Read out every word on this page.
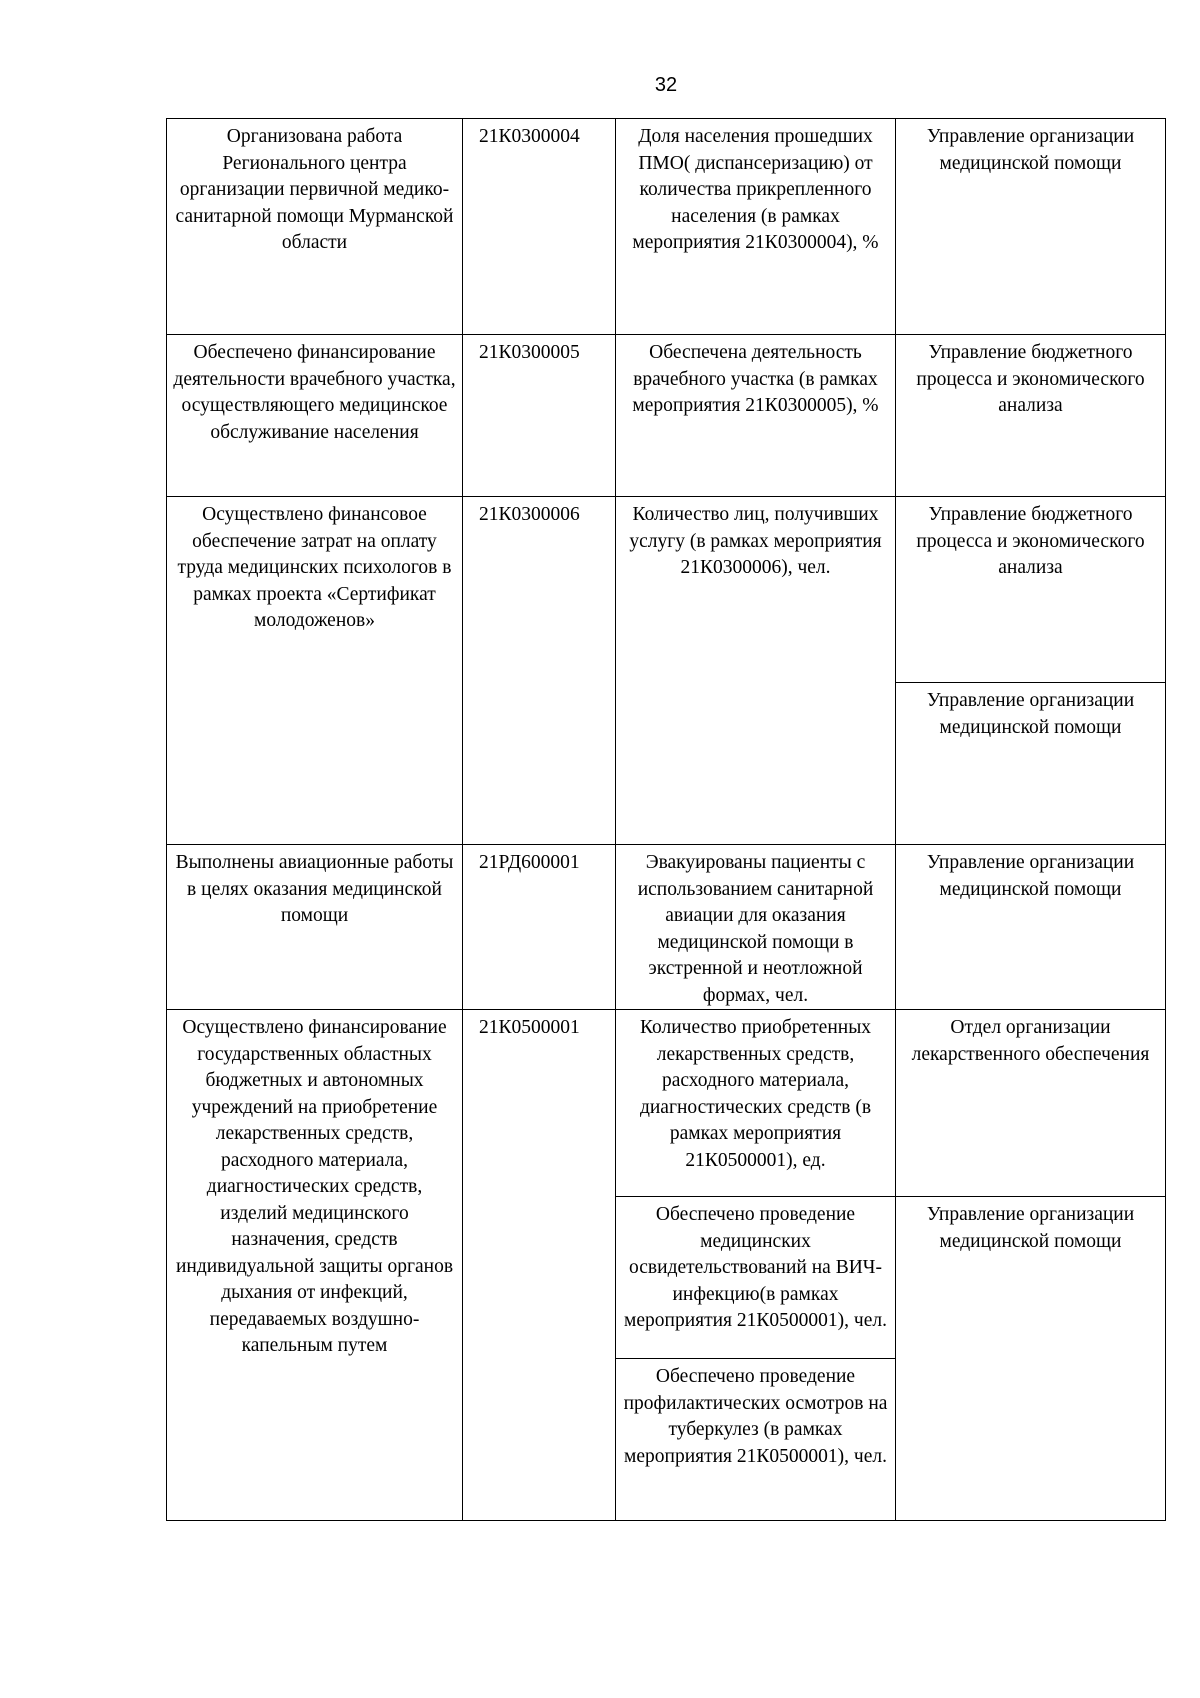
32
Организована работа Регионального центра организации первичной медико-санитарной помощи Мурманской области	21К0300004	Доля населения прошедших ПМО( диспансеризацию) от количества прикрепленного населения (в рамках мероприятия 21К0300004), %	Управление организации медицинской помощи
Обеспечено финансирование деятельности врачебного участка, осуществляющего медицинское обслуживание населения	21К0300005	Обеспечена деятельность врачебного участка (в рамках мероприятия 21К0300005), %	Управление бюджетного процесса и экономического анализа
Осуществлено финансовое обеспечение затрат на оплату труда медицинских психологов в рамках проекта «Сертификат молодоженов»	21К0300006	Количество лиц, получивших услугу (в рамках мероприятия 21К0300006), чел.	Управление бюджетного процесса и экономического анализа
			Управление организации медицинской помощи
Выполнены авиационные работы в целях оказания медицинской помощи	21РД600001	Эвакуированы пациенты с использованием санитарной авиации для оказания медицинской помощи в экстренной и неотложной формах, чел.	Управление организации медицинской помощи
Осуществлено финансирование государственных областных бюджетных и автономных учреждений на приобретение лекарственных средств, расходного материала, диагностических средств, изделий медицинского назначения, средств индивидуальной защиты органов дыхания от инфекций, передаваемых воздушно-капельным путем	21К0500001	Количество приобретенных лекарственных средств, расходного материала, диагностических средств (в рамках мероприятия 21К0500001), ед.	Отдел организации лекарственного обеспечения
		Обеспечено проведение медицинских освидетельствований на ВИЧ-инфекцию(в рамках мероприятия 21К0500001), чел.	Управление организации медицинской помощи
		Обеспечено проведение профилактических осмотров на туберкулез (в рамках мероприятия 21К0500001), чел.	
